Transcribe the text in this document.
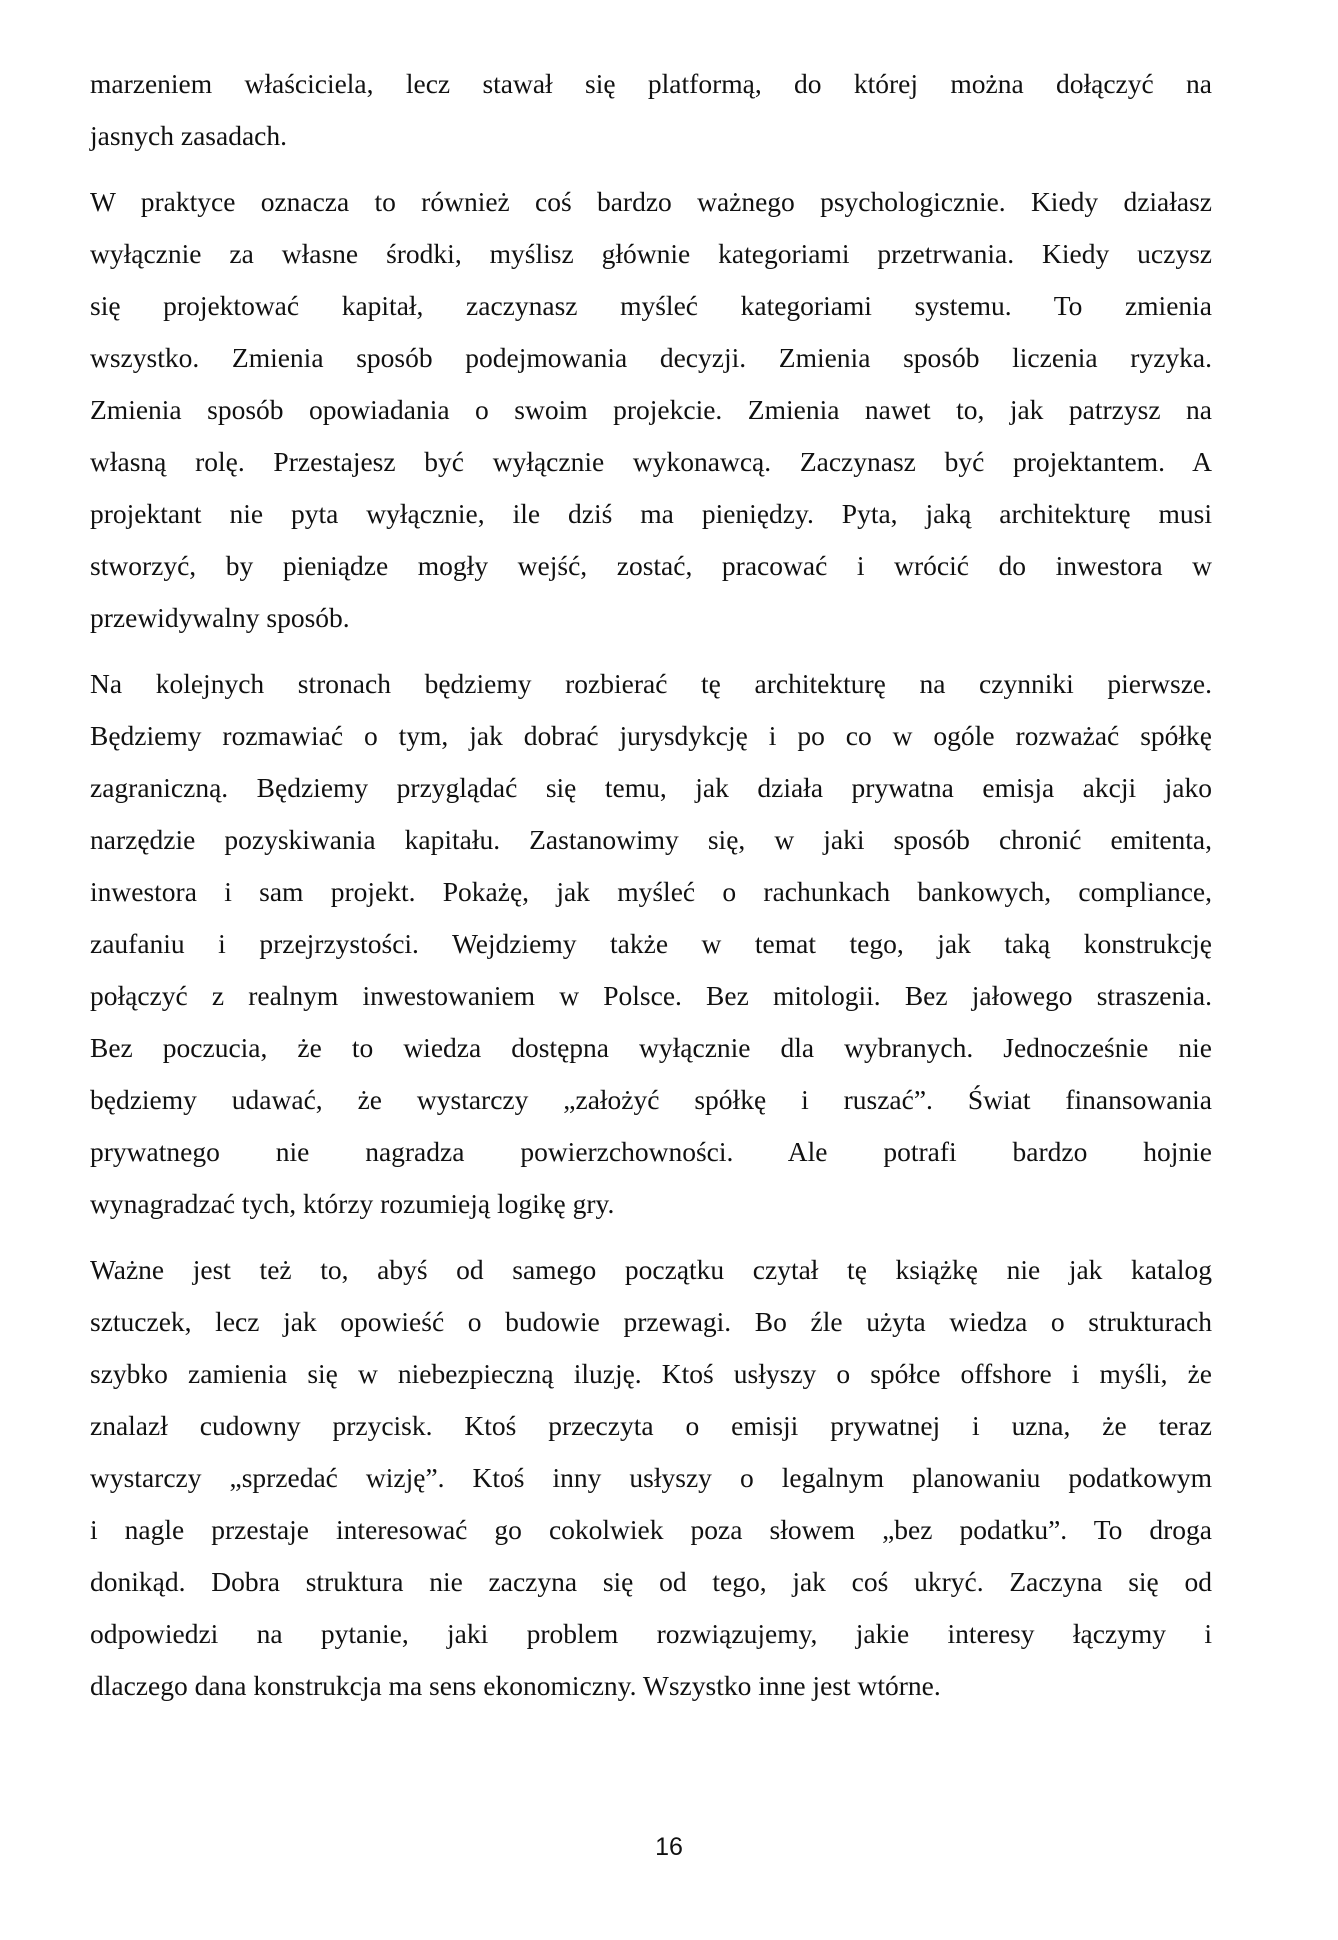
marzeniem właściciela, lecz stawał się platformą, do której można dołączyć na
jasnych zasadach.
W praktyce oznacza to również coś bardzo ważnego psychologicznie. Kiedy działasz
wyłącznie za własne środki, myślisz głównie kategoriami przetrwania. Kiedy uczysz
się projektować kapitał, zaczynasz myśleć kategoriami systemu. To zmienia
wszystko. Zmienia sposób podejmowania decyzji. Zmienia sposób liczenia ryzyka.
Zmienia sposób opowiadania o swoim projekcie. Zmienia nawet to, jak patrzysz na
własną rolę. Przestajesz być wyłącznie wykonawcą. Zaczynasz być projektantem. A
projektant nie pyta wyłącznie, ile dziś ma pieniędzy. Pyta, jaką architekturę musi
stworzyć, by pieniądze mogły wejść, zostać, pracować i wrócić do inwestora w
przewidywalny sposób.
Na kolejnych stronach będziemy rozbierać tę architekturę na czynniki pierwsze.
Będziemy rozmawiać o tym, jak dobrać jurysdykcję i po co w ogóle rozważać spółkę
zagraniczną. Będziemy przyglądać się temu, jak działa prywatna emisja akcji jako
narzędzie pozyskiwania kapitału. Zastanowimy się, w jaki sposób chronić emitenta,
inwestora i sam projekt. Pokażę, jak myśleć o rachunkach bankowych, compliance,
zaufaniu i przejrzystości. Wejdziemy także w temat tego, jak taką konstrukcję
połączyć z realnym inwestowaniem w Polsce. Bez mitologii. Bez jałowego straszenia.
Bez poczucia, że to wiedza dostępna wyłącznie dla wybranych. Jednocześnie nie
będziemy udawać, że wystarczy „założyć spółkę i ruszać”. Świat finansowania
prywatnego nie nagradza powierzchowności. Ale potrafi bardzo hojnie
wynagradzać tych, którzy rozumieją logikę gry.
Ważne jest też to, abyś od samego początku czytał tę książkę nie jak katalog
sztuczek, lecz jak opowieść o budowie przewagi. Bo źle użyta wiedza o strukturach
szybko zamienia się w niebezpieczną iluzję. Ktoś usłyszy o spółce offshore i myśli, że
znalazł cudowny przycisk. Ktoś przeczyta o emisji prywatnej i uzna, że teraz
wystarczy „sprzedać wizję”. Ktoś inny usłyszy o legalnym planowaniu podatkowym
i nagle przestaje interesować go cokolwiek poza słowem „bez podatku”. To droga
donikąd. Dobra struktura nie zaczyna się od tego, jak coś ukryć. Zaczyna się od
odpowiedzi na pytanie, jaki problem rozwiązujemy, jakie interesy łączymy i
dlaczego dana konstrukcja ma sens ekonomiczny. Wszystko inne jest wtórne.
16
